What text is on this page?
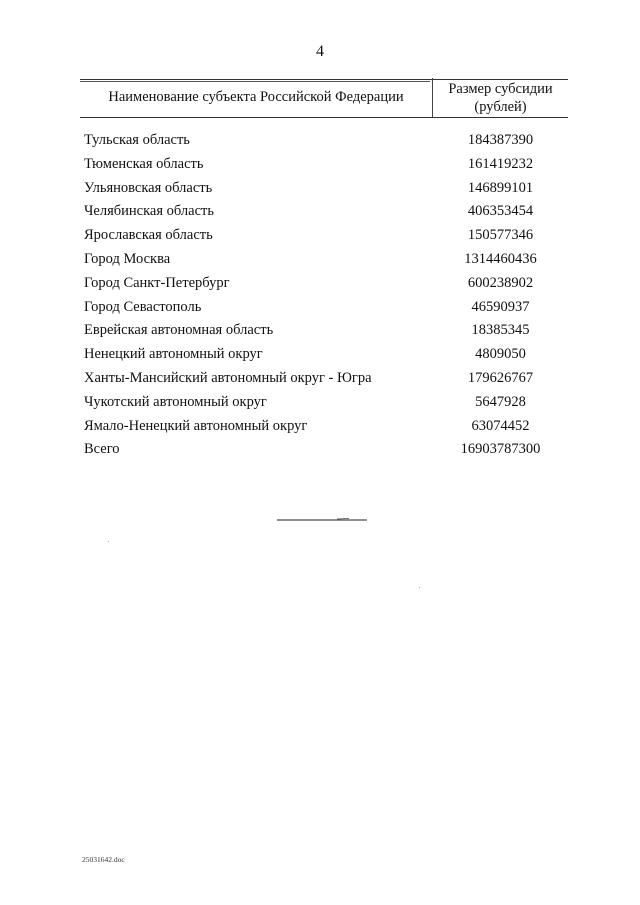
4
Наименование субъекта Российской Федерации	Размер субсидии
(рублей)
Тульская область	184387390
Тюменская область	161419232
Ульяновская область	146899101
Челябинская область	406353454
Ярославская область	150577346
Город Москва	1314460436
Город Санкт-Петербург	600238902
Город Севастополь	46590937
Еврейская автономная область	18385345
Ненецкий автономный округ	4809050
Ханты-Мансийский автономный округ - Югра	179626767
Чукотский автономный округ	5647928
Ямало-Ненецкий автономный округ	63074452
Всего	16903787300
25031642.doc
